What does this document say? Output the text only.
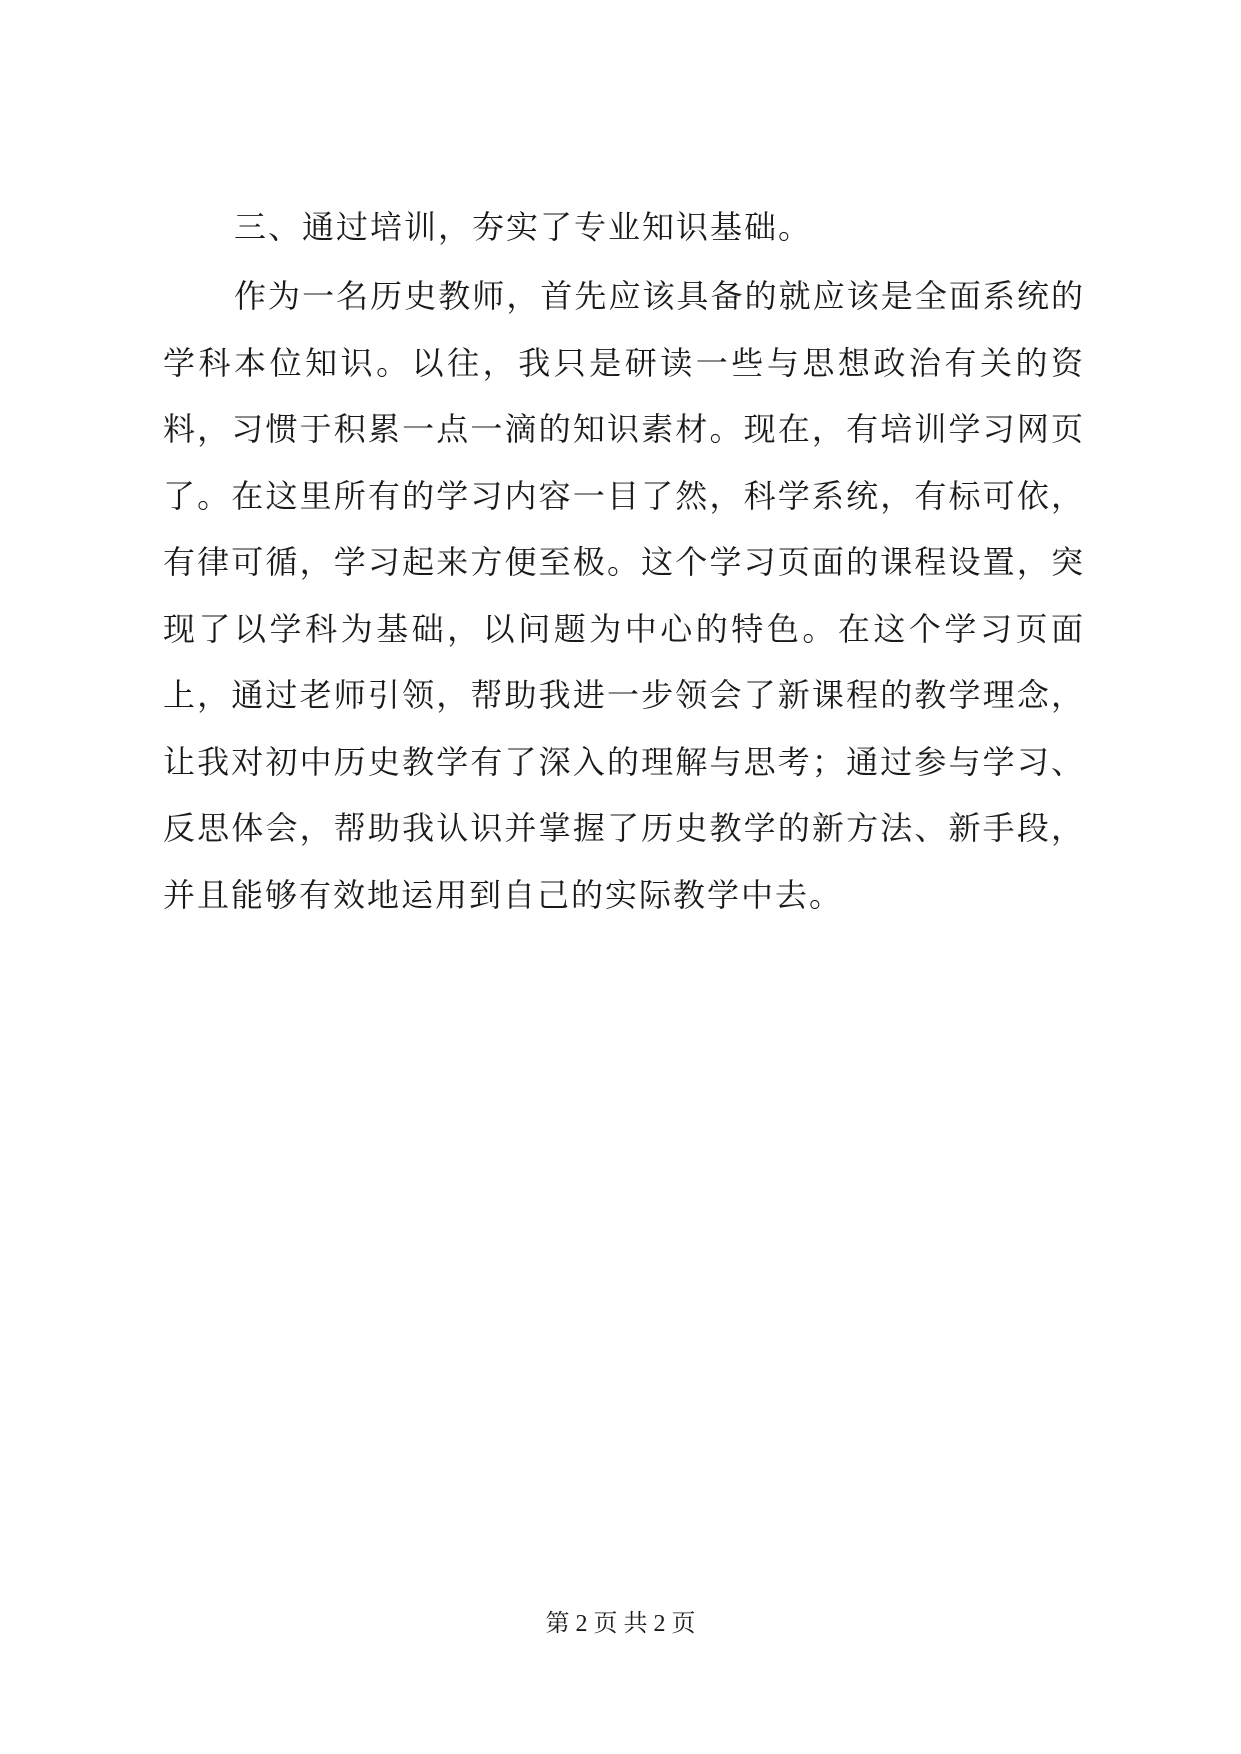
三、通过培训，夯实了专业知识基础。

作为一名历史教师，首先应该具备的就应该是全面系统的学科本位知识。以往，我只是研读一些与思想政治有关的资料，习惯于积累一点一滴的知识素材。现在，有培训学习网页了。在这里所有的学习内容一目了然，科学系统，有标可依，有律可循，学习起来方便至极。这个学习页面的课程设置，突现了以学科为基础，以问题为中心的特色。在这个学习页面上，通过老师引领，帮助我进一步领会了新课程的教学理念，让我对初中历史教学有了深入的理解与思考；通过参与学习、反思体会，帮助我认识并掌握了历史教学的新方法、新手段，并且能够有效地运用到自己的实际教学中去。

第 2 页 共 2 页
